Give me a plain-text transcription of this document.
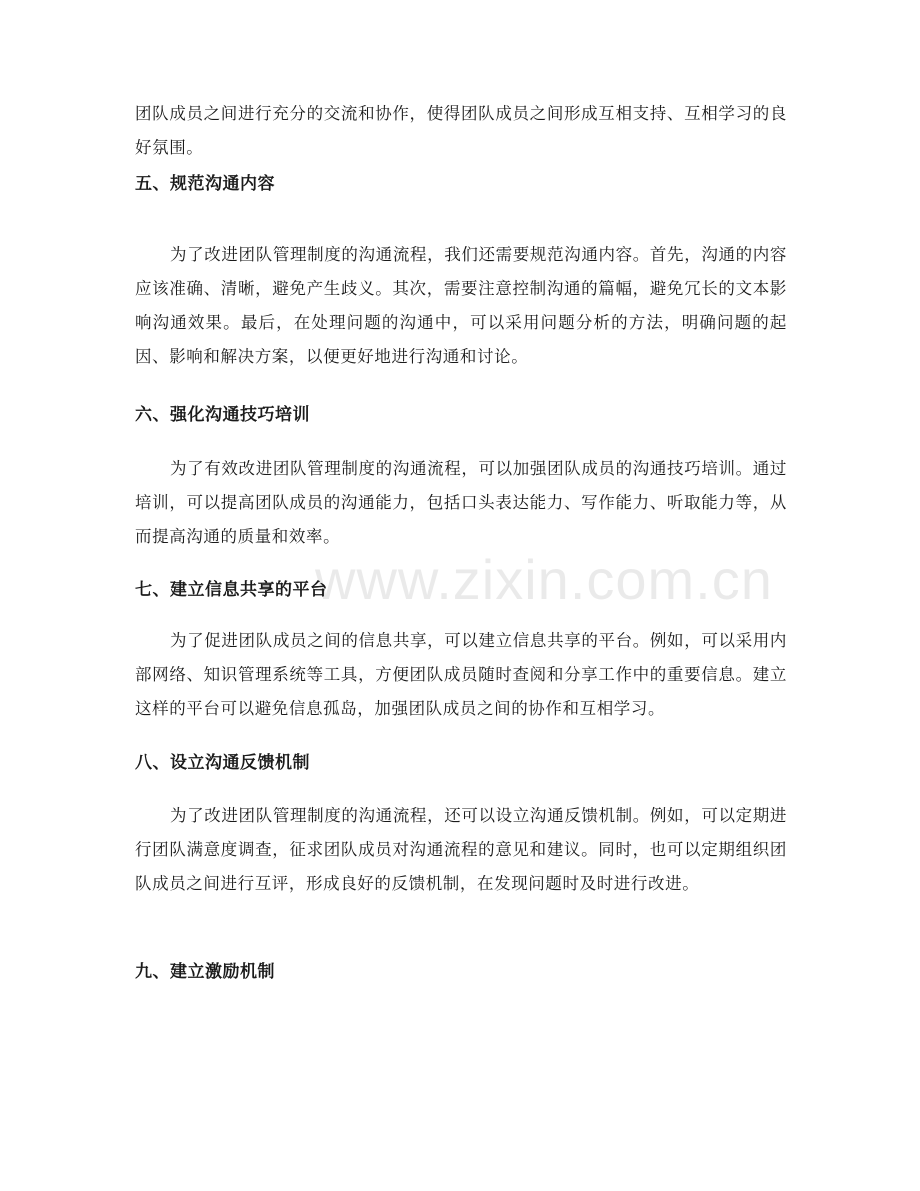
团队成员之间进行充分的交流和协作，使得团队成员之间形成互相支持、互相学习的良好氛围。

五、规范沟通内容

为了改进团队管理制度的沟通流程，我们还需要规范沟通内容。首先，沟通的内容应该准确、清晰，避免产生歧义。其次，需要注意控制沟通的篇幅，避免冗长的文本影响沟通效果。最后，在处理问题的沟通中，可以采用问题分析的方法，明确问题的起因、影响和解决方案，以便更好地进行沟通和讨论。

六、强化沟通技巧培训

为了有效改进团队管理制度的沟通流程，可以加强团队成员的沟通技巧培训。通过培训，可以提高团队成员的沟通能力，包括口头表达能力、写作能力、听取能力等，从而提高沟通的质量和效率。

七、建立信息共享的平台

为了促进团队成员之间的信息共享，可以建立信息共享的平台。例如，可以采用内部网络、知识管理系统等工具，方便团队成员随时查阅和分享工作中的重要信息。建立这样的平台可以避免信息孤岛，加强团队成员之间的协作和互相学习。

八、设立沟通反馈机制

为了改进团队管理制度的沟通流程，还可以设立沟通反馈机制。例如，可以定期进行团队满意度调查，征求团队成员对沟通流程的意见和建议。同时，也可以定期组织团队成员之间进行互评，形成良好的反馈机制，在发现问题时及时进行改进。

九、建立激励机制
www.zixin.com.cn
